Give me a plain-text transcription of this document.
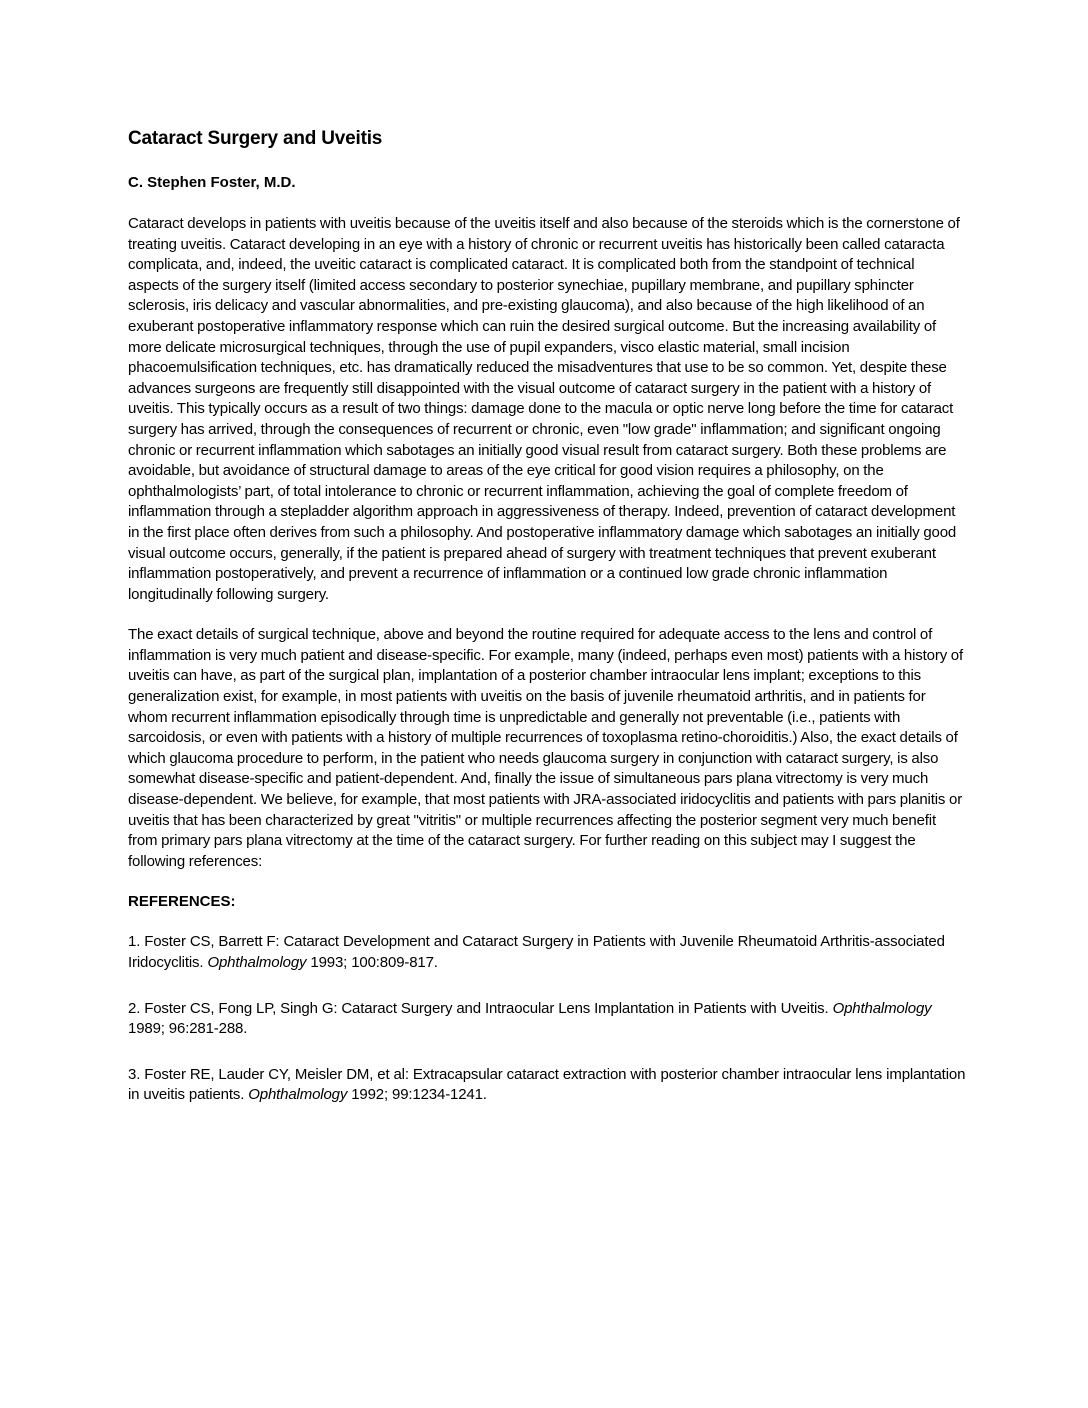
Cataract Surgery and Uveitis
C. Stephen Foster, M.D.

Cataract develops in patients with uveitis because of the uveitis itself and also because of the steroids which is the cornerstone of treating uveitis. Cataract developing in an eye with a history of chronic or recurrent uveitis has historically been called cataracta complicata, and, indeed, the uveitic cataract is complicated cataract. It is complicated both from the standpoint of technical aspects of the surgery itself (limited access secondary to posterior synechiae, pupillary membrane, and pupillary sphincter sclerosis, iris delicacy and vascular abnormalities, and pre-existing glaucoma), and also because of the high likelihood of an exuberant postoperative inflammatory response which can ruin the desired surgical outcome. But the increasing availability of more delicate microsurgical techniques, through the use of pupil expanders, visco elastic material, small incision phacoemulsification techniques, etc. has dramatically reduced the misadventures that use to be so common. Yet, despite these advances surgeons are frequently still disappointed with the visual outcome of cataract surgery in the patient with a history of uveitis. This typically occurs as a result of two things: damage done to the macula or optic nerve long before the time for cataract surgery has arrived, through the consequences of recurrent or chronic, even "low grade" inflammation; and significant ongoing chronic or recurrent inflammation which sabotages an initially good visual result from cataract surgery. Both these problems are avoidable, but avoidance of structural damage to areas of the eye critical for good vision requires a philosophy, on the ophthalmologists’ part, of total intolerance to chronic or recurrent inflammation, achieving the goal of complete freedom of inflammation through a stepladder algorithm approach in aggressiveness of therapy. Indeed, prevention of cataract development in the first place often derives from such a philosophy. And postoperative inflammatory damage which sabotages an initially good visual outcome occurs, generally, if the patient is prepared ahead of surgery with treatment techniques that prevent exuberant inflammation postoperatively, and prevent a recurrence of inflammation or a continued low grade chronic inflammation longitudinally following surgery.

The exact details of surgical technique, above and beyond the routine required for adequate access to the lens and control of inflammation is very much patient and disease-specific. For example, many (indeed, perhaps even most) patients with a history of uveitis can have, as part of the surgical plan, implantation of a posterior chamber intraocular lens implant; exceptions to this generalization exist, for example, in most patients with uveitis on the basis of juvenile rheumatoid arthritis, and in patients for whom recurrent inflammation episodically through time is unpredictable and generally not preventable (i.e., patients with sarcoidosis, or even with patients with a history of multiple recurrences of toxoplasma retino-choroiditis.) Also, the exact details of which glaucoma procedure to perform, in the patient who needs glaucoma surgery in conjunction with cataract surgery, is also somewhat disease-specific and patient-dependent. And, finally the issue of simultaneous pars plana vitrectomy is very much disease-dependent. We believe, for example, that most patients with JRA-associated iridocyclitis and patients with pars planitis or uveitis that has been characterized by great "vitritis" or multiple recurrences affecting the posterior segment very much benefit from primary pars plana vitrectomy at the time of the cataract surgery. For further reading on this subject may I suggest the following references:

REFERENCES:

1. Foster CS, Barrett F: Cataract Development and Cataract Surgery in Patients with Juvenile Rheumatoid Arthritis-associated Iridocyclitis. Ophthalmology 1993; 100:809-817.

2. Foster CS, Fong LP, Singh G: Cataract Surgery and Intraocular Lens Implantation in Patients with Uveitis. Ophthalmology 1989; 96:281-288.

3. Foster RE, Lauder CY, Meisler DM, et al: Extracapsular cataract extraction with posterior chamber intraocular lens implantation in uveitis patients. Ophthalmology 1992; 99:1234-1241.
